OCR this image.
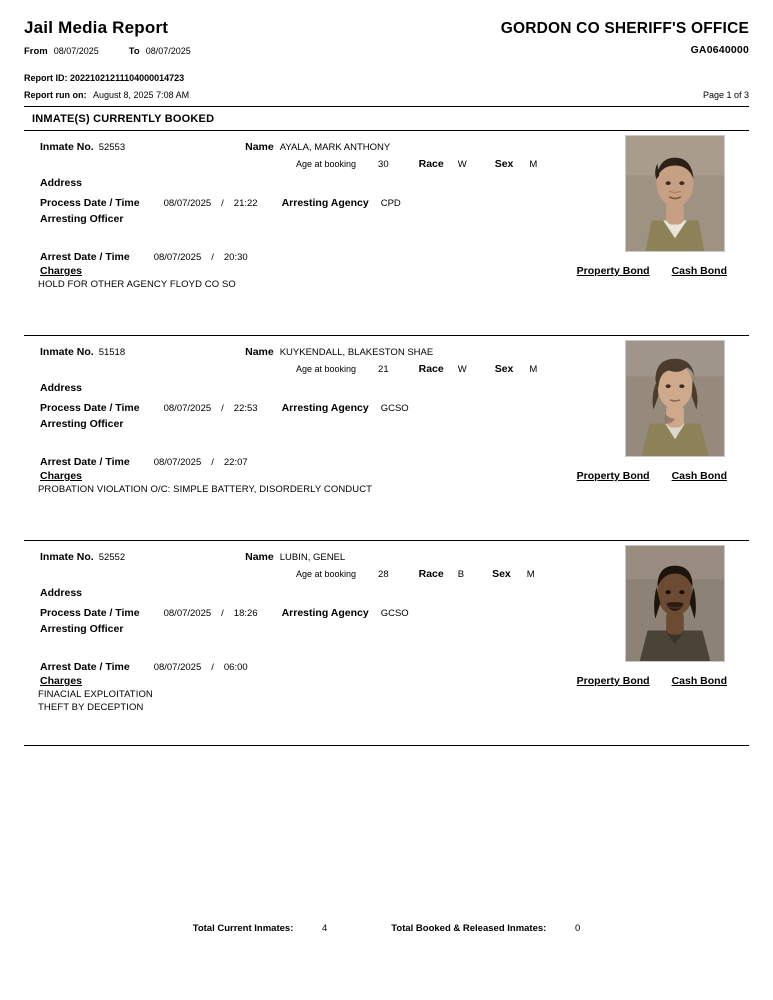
Jail Media Report
From 08/07/2025	To 08/07/2025
GORDON CO SHERIFF'S OFFICE
GA0640000
Report ID: 20221021211104000014723
Report run on: August 8, 2025 7:08 AM	Page 1 of 3
INMATE(S) CURRENTLY BOOKED
Inmate No. 52553	Name AYALA, MARK ANTHONY
Age at booking	30	Race	W	Sex	M
Address
Process Date / Time	08/07/2025	/	21:22	Arresting Agency	CPD
Arresting Officer
Arrest Date / Time	08/07/2025	/	20:30
Charges	Property Bond Cash Bond
HOLD FOR OTHER AGENCY FLOYD CO SO
Inmate No. 51518	Name KUYKENDALL, BLAKESTON SHAE
Age at booking	21	Race	W	Sex	M
Address
Process Date / Time	08/07/2025	/	22:53	Arresting Agency	GCSO
Arresting Officer
Arrest Date / Time	08/07/2025	/	22:07
Charges	Property Bond Cash Bond
PROBATION VIOLATION O/C: SIMPLE BATTERY, DISORDERLY CONDUCT
Inmate No. 52552	Name LUBIN, GENEL
Age at booking	28	Race	B	Sex	M
Address
Process Date / Time	08/07/2025	/	18:26	Arresting Agency	GCSO
Arresting Officer
Arrest Date / Time	08/07/2025	/	06:00
Charges	Property Bond Cash Bond
FINACIAL EXPLOITATION
THEFT BY DECEPTION
Total Current Inmates:	4	Total Booked & Released Inmates:	0
